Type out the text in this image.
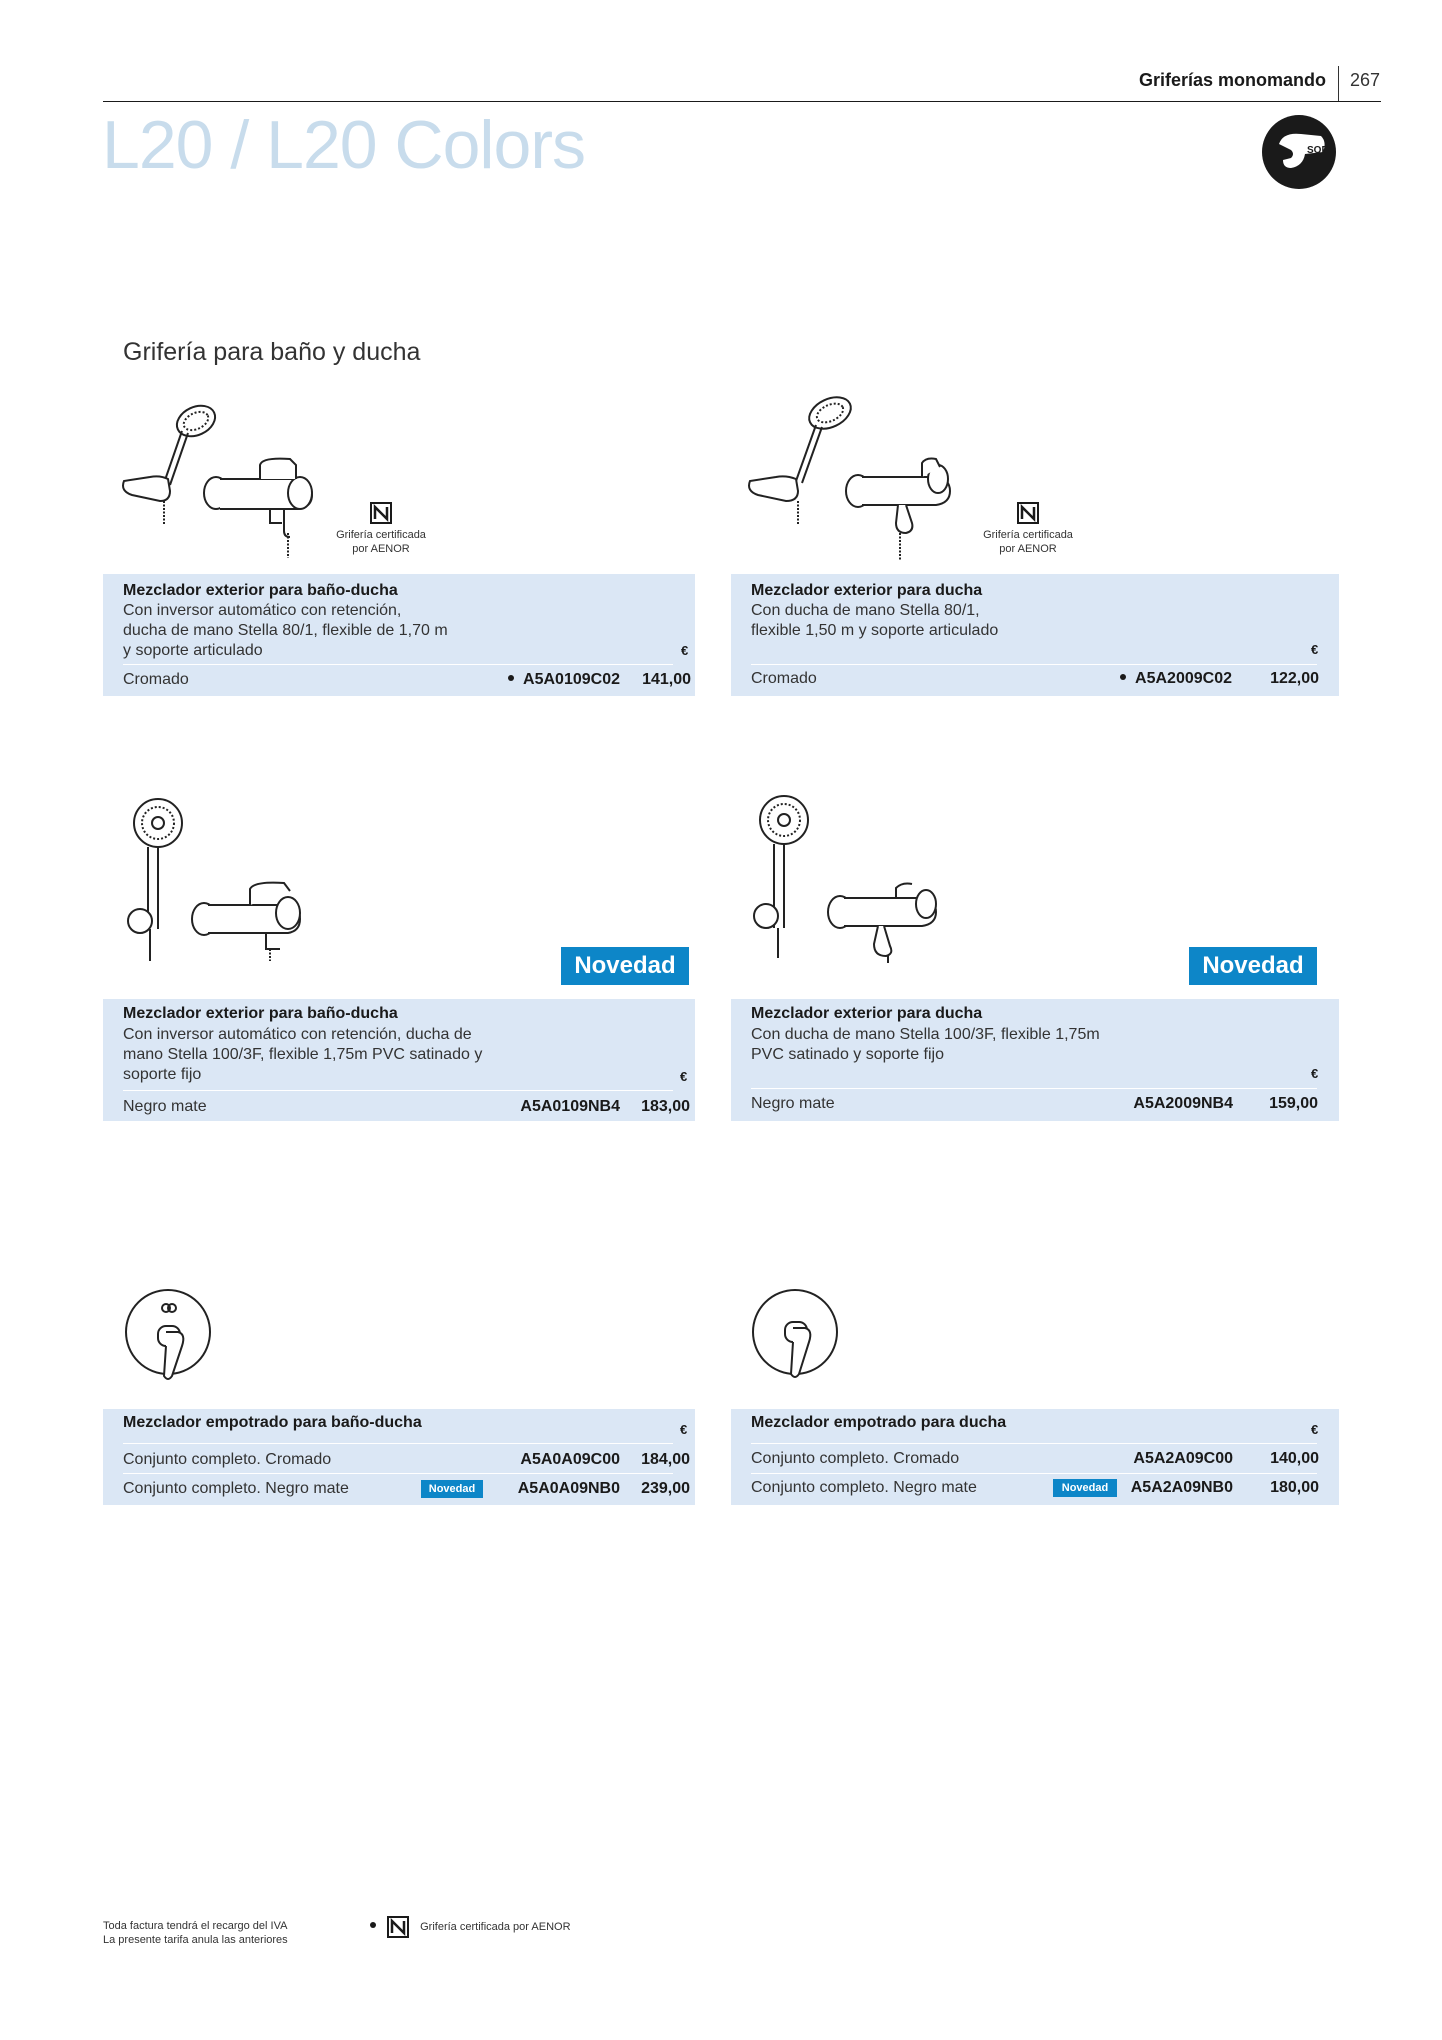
Griferías monomando 267
L20 / L20 Colors	SOFT
Grifería para baño y ducha
Grifería certificada
por AENOR
Grifería certificada
por AENOR
Mezclador exterior para baño-ducha
Con inversor automático con retención,
ducha de mano Stella 80/1, flexible de 1,70 m
y soporte articulado	€
Cromado	A5A0109C02 141,00
Mezclador exterior para ducha
Con ducha de mano Stella 80/1,
flexible 1,50 m y soporte articulado
€
Cromado	A5A2009C02 122,00
Novedad	Novedad
Mezclador exterior para baño-ducha
Con inversor automático con retención, ducha de
mano Stella 100/3F, flexible 1,75m PVC satinado y
soporte fijo	€
Negro mate	A5A0109NB4 183,00
Mezclador exterior para ducha
Con ducha de mano Stella 100/3F, flexible 1,75m
PVC satinado y soporte fijo
€
Negro mate	A5A2009NB4 159,00
Mezclador empotrado para baño-ducha	€
Conjunto completo. Cromado	A5A0A09C00 184,00
Conjunto completo. Negro mate	Novedad	A5A0A09NB0 239,00
Mezclador empotrado para ducha	€
Conjunto completo. Cromado	A5A2A09C00 140,00
Conjunto completo. Negro mate	Novedad	A5A2A09NB0 180,00
Toda factura tendrá el recargo del IVA
La presente tarifa anula las anteriores
Grifería certificada por AENOR
